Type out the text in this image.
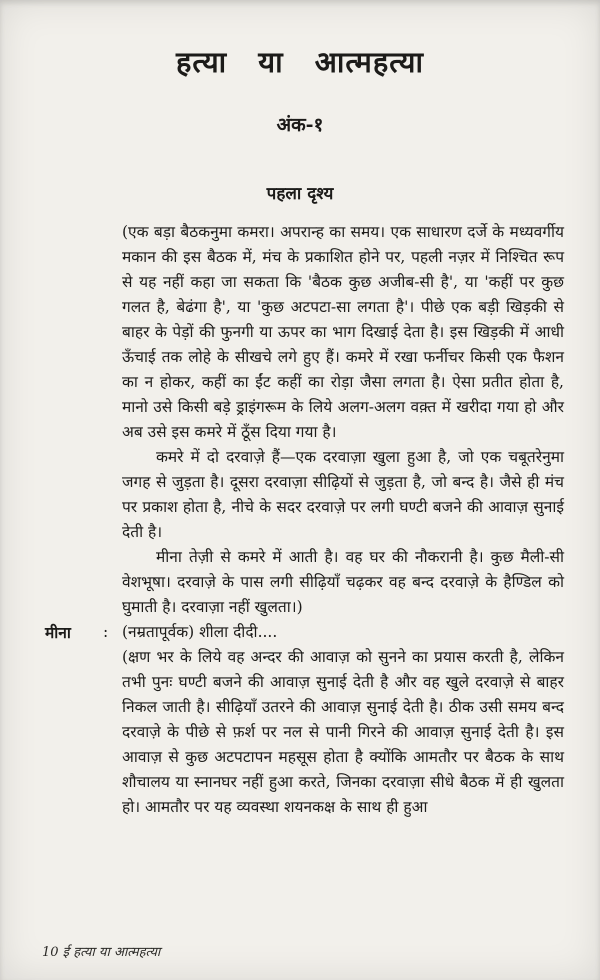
हत्या या आत्महत्या
अंक-१
पहला दृश्य

(एक बड़ा बैठकनुमा कमरा। अपरान्ह का समय। एक साधारण दर्जे के मध्यवर्गीय मकान की इस बैठक में, मंच के प्रकाशित होने पर, पहली नज़र में निश्चित रूप से यह नहीं कहा जा सकता कि 'बैठक कुछ अजीब-सी है', या 'कहीं पर कुछ गलत है, बेढंगा है', या 'कुछ अटपटा-सा लगता है'। पीछे एक बड़ी खिड़की से बाहर के पेड़ों की फुनगी या ऊपर का भाग दिखाई देता है। इस खिड़की में आधी ऊँचाई तक लोहे के सीखचे लगे हुए हैं। कमरे में रखा फर्नीचर किसी एक फैशन का न होकर, कहीं का ईंट कहीं का रोड़ा जैसा लगता है। ऐसा प्रतीत होता है, मानो उसे किसी बड़े ड्राइंगरूम के लिये अलग-अलग वक़्त में खरीदा गया हो और अब उसे इस कमरे में ठूँस दिया गया है।

कमरे में दो दरवाज़े हैं—एक दरवाज़ा खुला हुआ है, जो एक चबूतरेनुमा जगह से जुड़ता है। दूसरा दरवाज़ा सीढ़ियों से जुड़ता है, जो बन्द है। जैसे ही मंच पर प्रकाश होता है, नीचे के सदर दरवाज़े पर लगी घण्टी बजने की आवाज़ सुनाई देती है।

मीना तेज़ी से कमरे में आती है। वह घर की नौकरानी है। कुछ मैली-सी वेशभूषा। दरवाज़े के पास लगी सीढ़ियाँ चढ़कर वह बन्द दरवाज़े के हैण्डिल को घुमाती है। दरवाज़ा नहीं खुलता।)

मीना	: (नम्रतापूर्वक) शीला दीदी....

(क्षण भर के लिये वह अन्दर की आवाज़ को सुनने का प्रयास करती है, लेकिन तभी पुनः घण्टी बजने की आवाज़ सुनाई देती है और वह खुले दरवाज़े से बाहर निकल जाती है। सीढ़ियाँ उतरने की आवाज़ सुनाई देती है। ठीक उसी समय बन्द दरवाज़े के पीछे से फ़र्श पर नल से पानी गिरने की आवाज़ सुनाई देती है। इस आवाज़ से कुछ अटपटापन महसूस होता है क्योंकि आमतौर पर बैठक के साथ शौचालय या स्नानघर नहीं हुआ करते, जिनका दरवाज़ा सीधे बैठक में ही खुलता हो। आमतौर पर यह व्यवस्था शयनकक्ष के साथ ही हुआ

10 ई हत्या या आत्महत्या
